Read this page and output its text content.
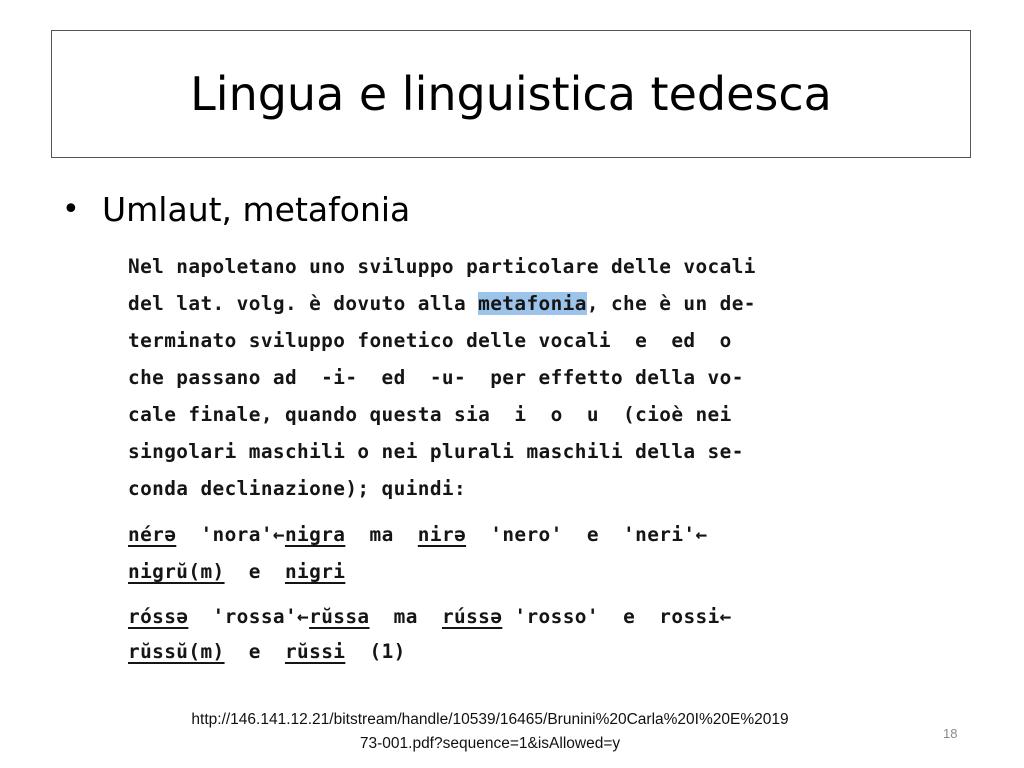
Lingua e linguistica tedesca
• Umlaut, metafonia
Nel napoletano uno sviluppo particolare delle vocali
del lat. volg. è dovuto alla metafonia, che è un de-
terminato sviluppo fonetico delle vocali  e  ed  o
che passano ad  -i-  ed  -u-  per effetto della vo-
cale finale, quando questa sia  i  o  u  (cioè nei
singolari maschili o nei plurali maschili della se-
conda declinazione); quindi:
nérə  'nora'←nigra  ma  nirə  'nero'  e  'neri'←
nigrŭ(m)  e  nigri
róssə  'rossa'←rŭssa  ma  rússə 'rosso'  e  rossi←
rŭssŭ(m)  e  rŭssi  (1)
http://146.141.12.21/bitstream/handle/10539/16465/Brunini%20Carla%20I%20E%2019
73-001.pdf?sequence=1&isAllowed=y
18
